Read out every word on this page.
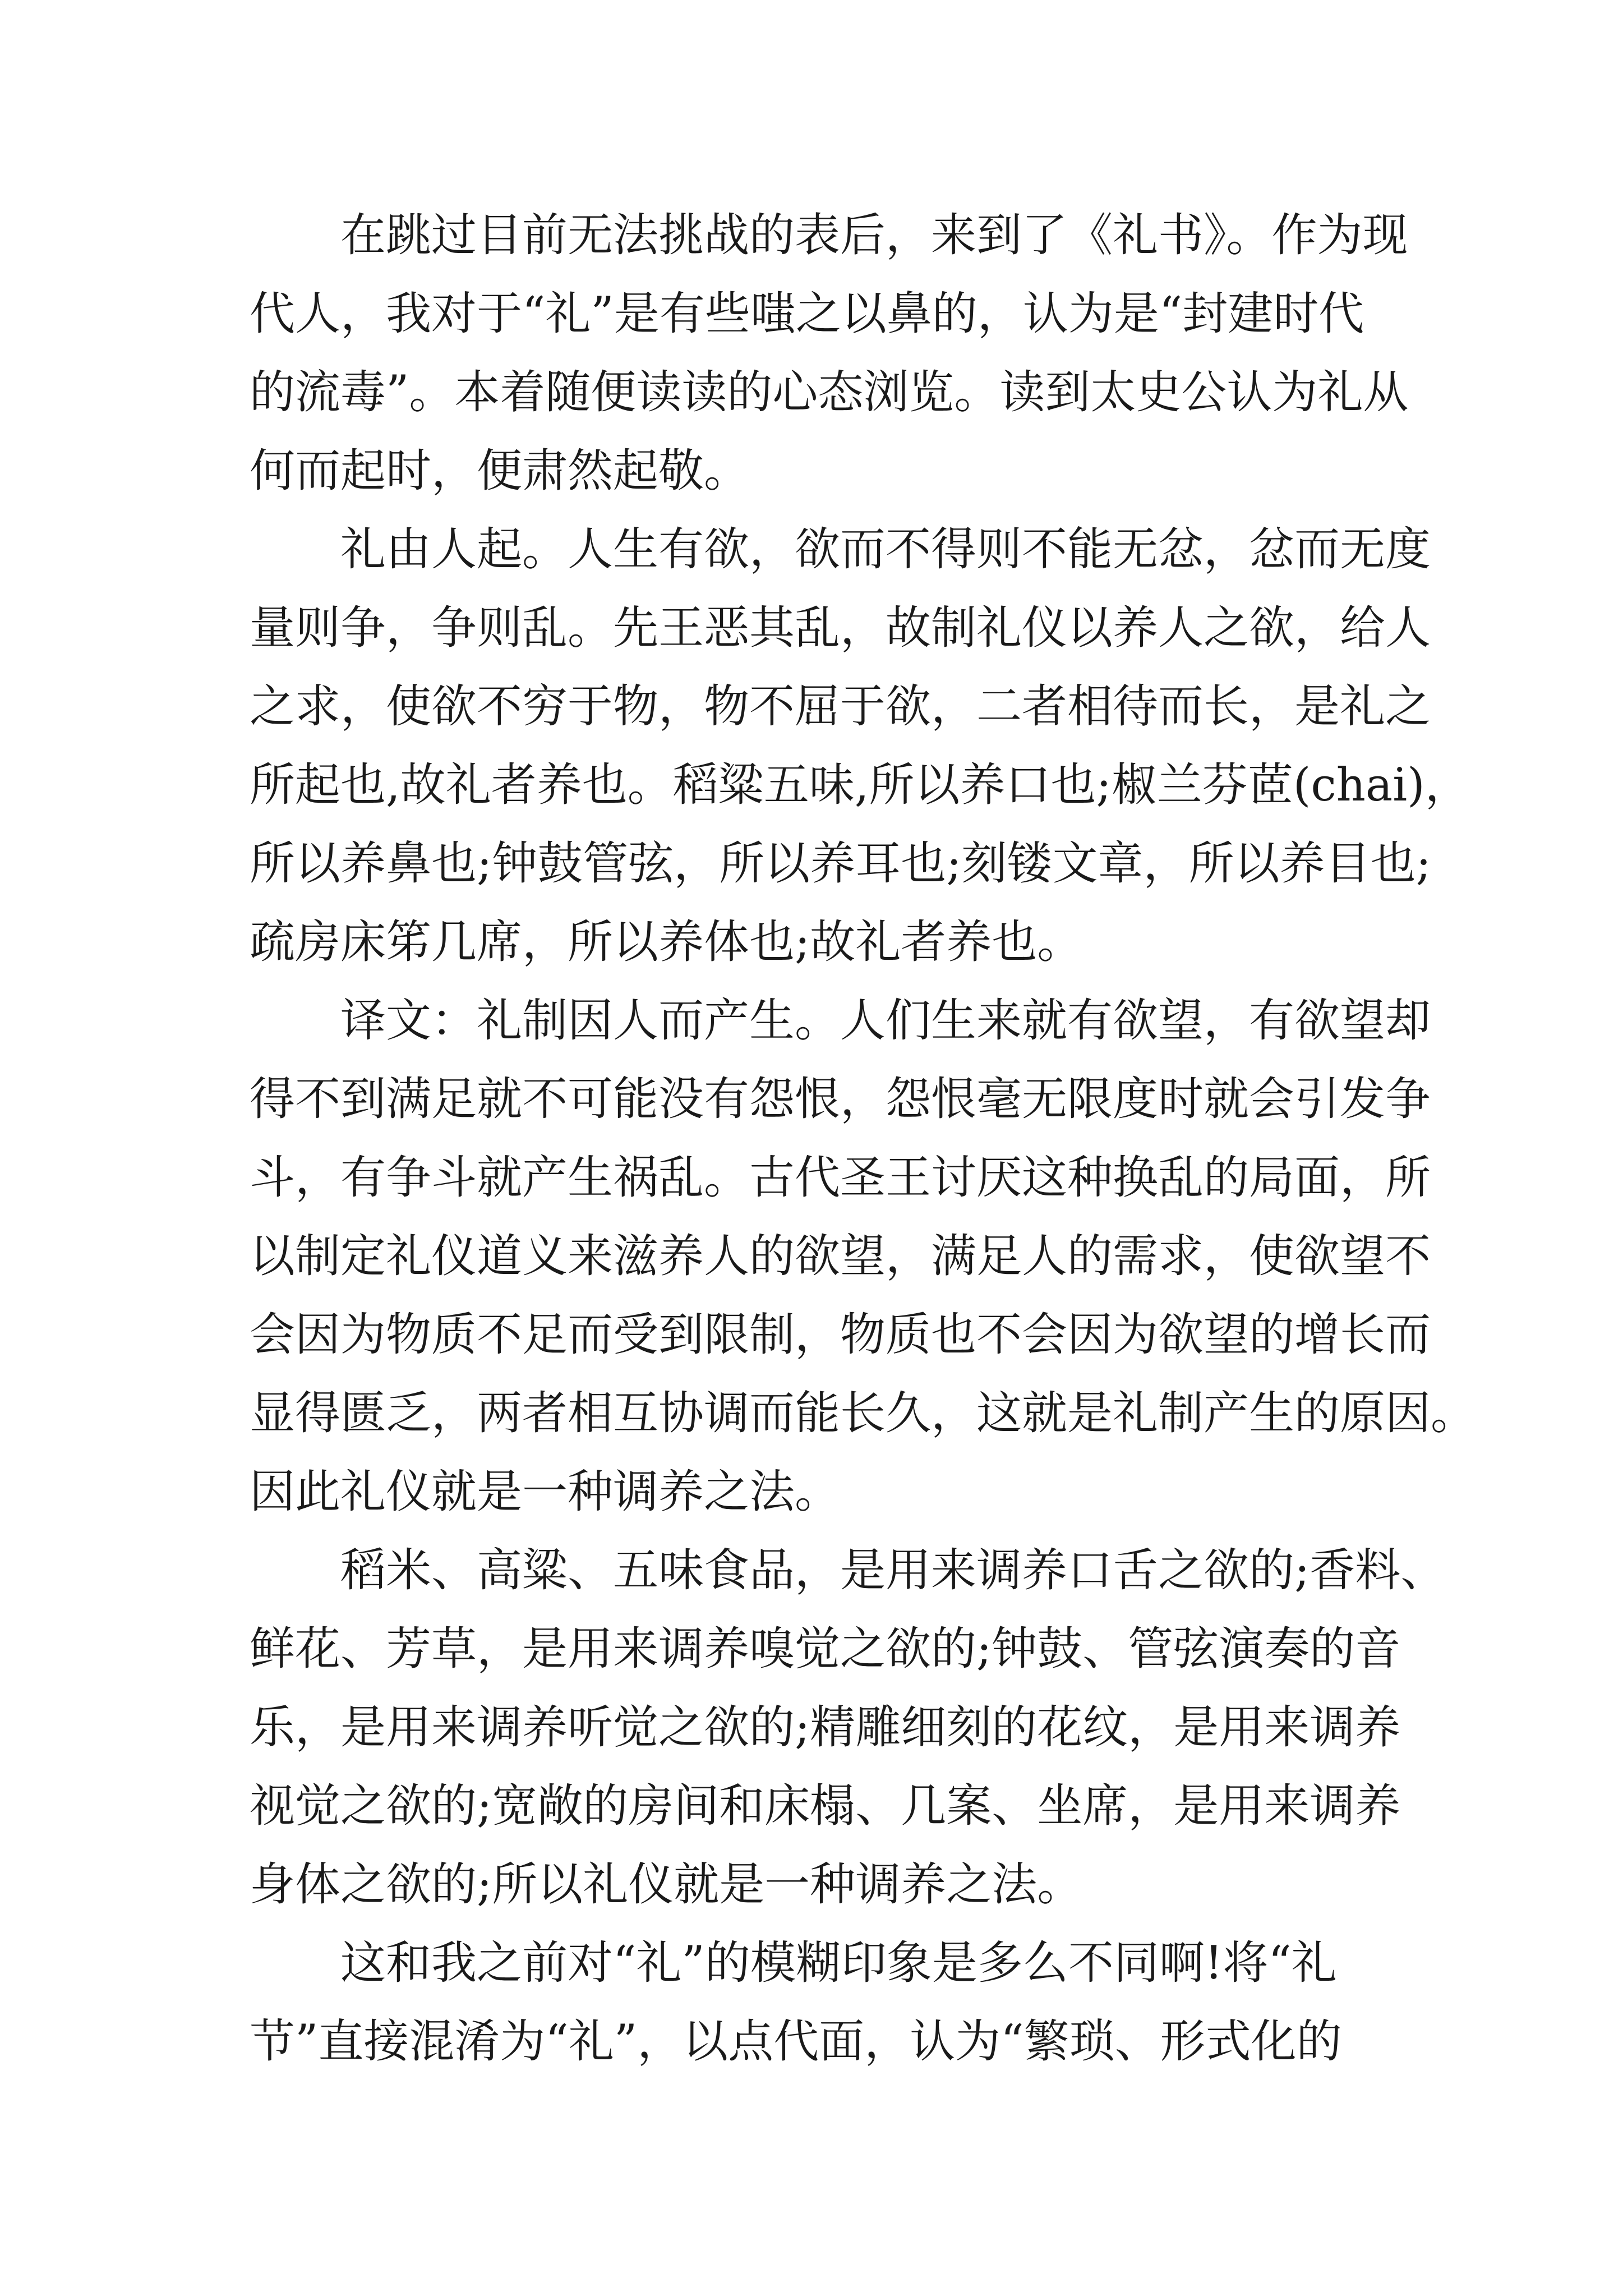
在跳过目前无法挑战的表后，来到了《礼书》。作为现
代人，我对于“礼”是有些嗤之以鼻的，认为是“封建时代
的流毒”。本着随便读读的心态浏览。读到太史公认为礼从
何而起时，便肃然起敬。
礼由人起。人生有欲，欲而不得则不能无忿，忿而无度
量则争，争则乱。先王恶其乱，故制礼仪以养人之欲，给人
之求，使欲不穷于物，物不屈于欲，二者相待而长，是礼之
所起也,故礼者养也。稻粱五味,所以养口也;椒兰芬茝(chai)，
所以养鼻也;钟鼓管弦，所以养耳也;刻镂文章，所以养目也;
疏房床笫几席，所以养体也;故礼者养也。
译文：礼制因人而产生。人们生来就有欲望，有欲望却
得不到满足就不可能没有怨恨，怨恨毫无限度时就会引发争
斗，有争斗就产生祸乱。古代圣王讨厌这种换乱的局面，所
以制定礼仪道义来滋养人的欲望，满足人的需求，使欲望不
会因为物质不足而受到限制，物质也不会因为欲望的增长而
显得匮乏，两者相互协调而能长久，这就是礼制产生的原因。
因此礼仪就是一种调养之法。
稻米、高粱、五味食品，是用来调养口舌之欲的;香料、
鲜花、芳草，是用来调养嗅觉之欲的;钟鼓、管弦演奏的音
乐，是用来调养听觉之欲的;精雕细刻的花纹，是用来调养
视觉之欲的;宽敞的房间和床榻、几案、坐席，是用来调养
身体之欲的;所以礼仪就是一种调养之法。
这和我之前对“礼”的模糊印象是多么不同啊!将“礼
节”直接混淆为“礼”，以点代面，认为“繁琐、形式化的
